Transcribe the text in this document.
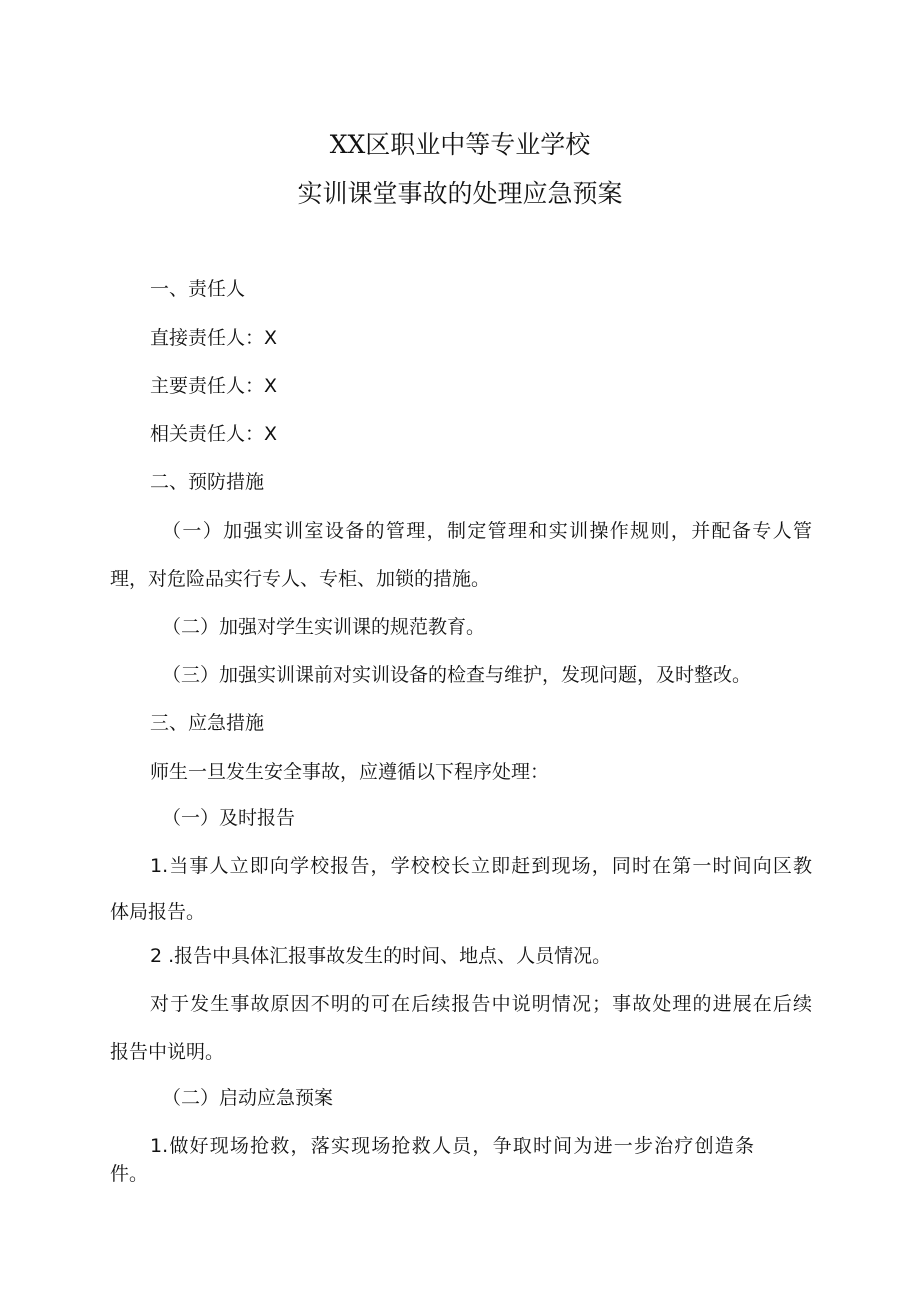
XX区职业中等专业学校
实训课堂事故的处理应急预案

一、责任人

直接责任人：X

主要责任人：X

相关责任人：X

二、预防措施

（一）加强实训室设备的管理，制定管理和实训操作规则，并配备专人管

理，对危险品实行专人、专柜、加锁的措施。

（二）加强对学生实训课的规范教育。

（三）加强实训课前对实训设备的检查与维护，发现问题，及时整改。

三、应急措施

师生一旦发生安全事故，应遵循以下程序处理：

（一）及时报告

1.当事人立即向学校报告，学校校长立即赶到现场，同时在第一时间向区教

体局报告。

2 .报告中具体汇报事故发生的时间、地点、人员情况。

对于发生事故原因不明的可在后续报告中说明情况；事故处理的进展在后续

报告中说明。

（二）启动应急预案

1.做好现场抢救，落实现场抢救人员，争取时间为进一步治疗创造条

件。
